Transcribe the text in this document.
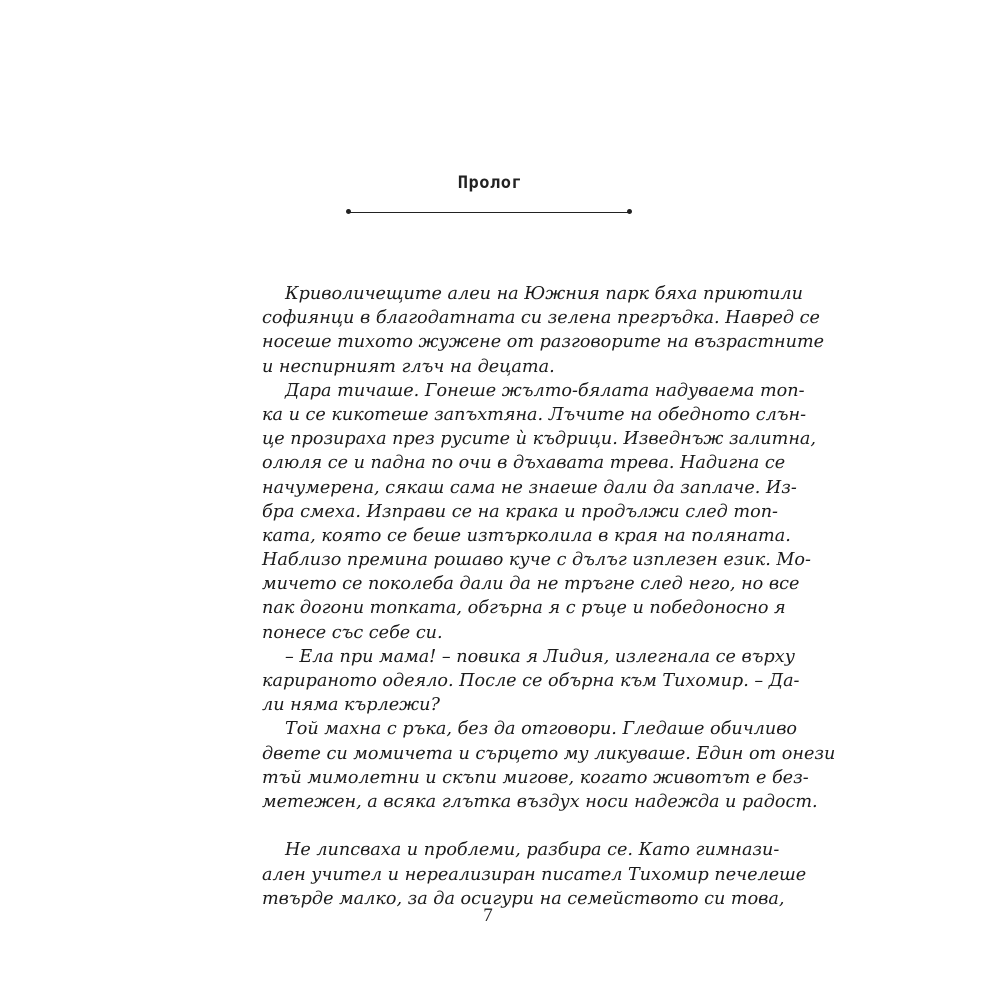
Пролог
Криволичещите алеи на Южния парк бяха приютили
софиянци в благодатната си зелена прегръдка. Навред се
носеше тихото жужене от разговорите на възрастните
и неспирният глъч на децата.
Дара тичаше. Гонеше жълто-бялата надуваема топ-
ка и се кикотеше запъхтяна. Лъчите на обедното слън-
це прозираха през русите ѝ къдрици. Изведнъж залитна,
олюля се и падна по очи в дъхавата трева. Надигна се
начумерена, сякаш сама не знаеше дали да заплаче. Из-
бра смеха. Изправи се на крака и продължи след топ-
ката, която се беше изтърколила в края на поляната.
Наблизо премина рошаво куче с дълъг изплезен език. Мо-
мичето се поколеба дали да не тръгне след него, но все
пак догони топката, обгърна я с ръце и победоносно я
понесе със себе си.
– Ела при мама! – повика я Лидия, излегнала се върху
карираното одеяло. После се обърна към Тихомир. – Да-
ли няма кърлежи?
Той махна с ръка, без да отговори. Гледаше обичливо
двете си момичета и сърцето му ликуваше. Един от онези
тъй мимолетни и скъпи мигове, когато животът е без-
метежен, а всяка глътка въздух носи надежда и радост.
Не липсваха и проблеми, разбира се. Като гимнази-
ален учител и нереализиран писател Тихомир печелеше
твърде малко, за да осигури на семейството си това,
7
